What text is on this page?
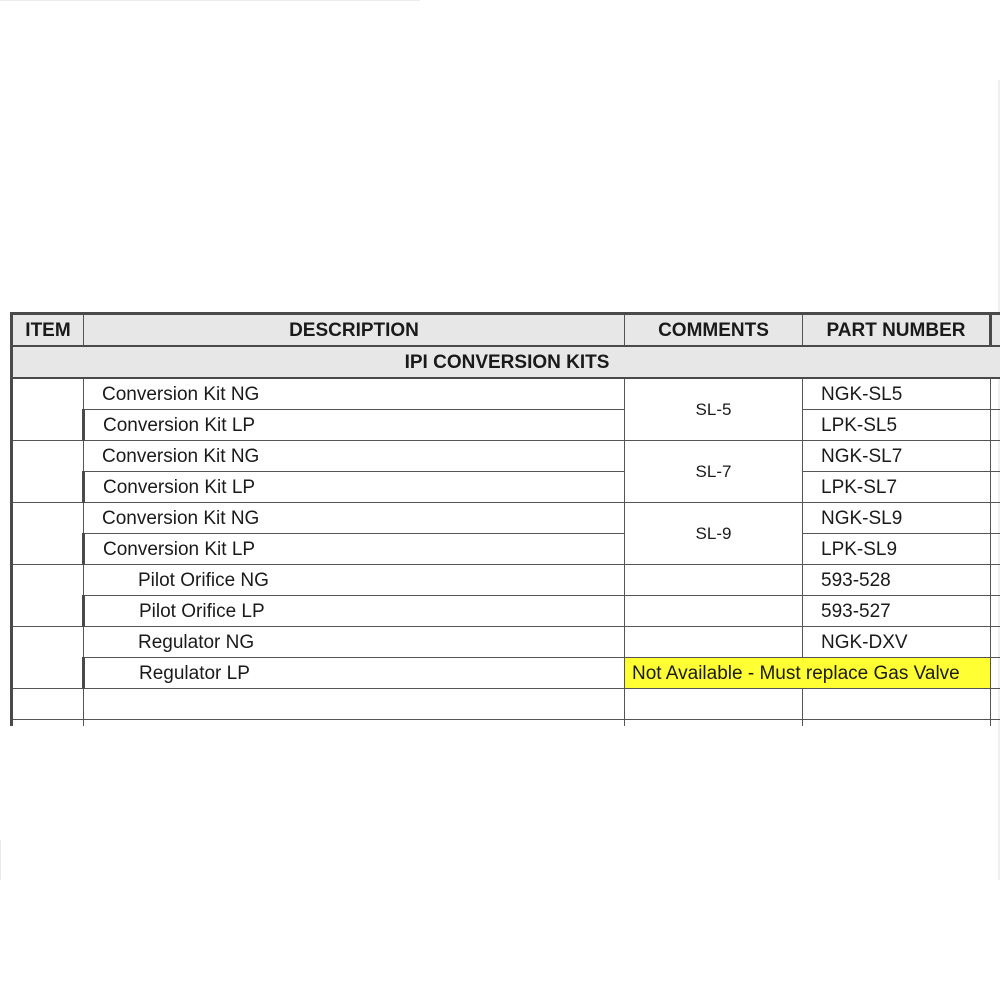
ITEM	DESCRIPTION	COMMENTS	PART NUMBER	
IPI CONVERSION KITS				
	Conversion Kit NG	SL-5	NGK-SL5	
	Conversion Kit LP		LPK-SL5	
	Conversion Kit NG	SL-7	NGK-SL7	
	Conversion Kit LP		LPK-SL7	
	Conversion Kit NG	SL-9	NGK-SL9	
	Conversion Kit LP		LPK-SL9	
	Pilot Orifice NG		593-528	
	Pilot Orifice LP		593-527	
	Regulator NG		NGK-DXV	
	Regulator LP	Not Available - Must replace Gas Valve		
